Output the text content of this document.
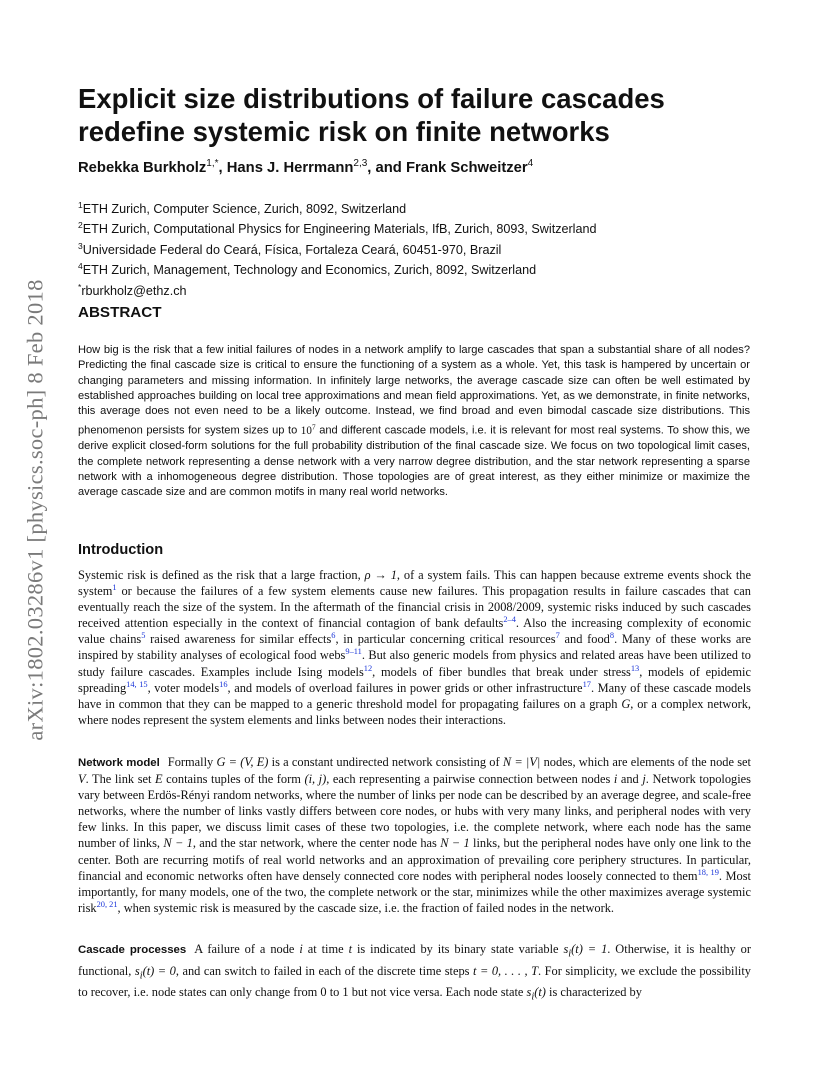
arXiv:1802.03286v1 [physics.soc-ph] 8 Feb 2018
Explicit size distributions of failure cascades redefine systemic risk on finite networks

Rebekka Burkholz$^{1,*}$, Hans J. Herrmann$^{2,3}$, and Frank Schweitzer$^4$

$^1$ETH Zurich, Computer Science, Zurich, 8092, Switzerland
$^2$ETH Zurich, Computational Physics for Engineering Materials, IfB, Zurich, 8093, Switzerland
$^3$Universidade Federal do Ceará, Física, Fortaleza Ceará, 60451-970, Brazil
$^4$ETH Zurich, Management, Technology and Economics, Zurich, 8092, Switzerland
*rburkholz@ethz.ch
ABSTRACT

How big is the risk that a few initial failures of nodes in a network amplify to large cascades that span a substantial share of all nodes? Predicting the final cascade size is critical to ensure the functioning of a system as a whole. Yet, this task is hampered by uncertain or changing parameters and missing information. In infinitely large networks, the average cascade size can often be well estimated by established approaches building on local tree approximations and mean field approximations. Yet, as we demonstrate, in finite networks, this average does not even need to be a likely outcome. Instead, we find broad and even bimodal cascade size distributions. This phenomenon persists for system sizes up to $10^7$ and different cascade models, i.e. it is relevant for most real systems. To show this, we derive explicit closed-form solutions for the full probability distribution of the final cascade size. We focus on two topological limit cases, the complete network representing a dense network with a very narrow degree distribution, and the star network representing a sparse network with a inhomogeneous degree distribution. Those topologies are of great interest, as they either minimize or maximize the average cascade size and are common motifs in many real world networks.

Introduction

Systemic risk is defined as the risk that a large fraction, ρ → 1, of a system fails. This can happen because extreme events shock the system$^1$ or because the failures of a few system elements cause new failures. This propagation results in failure cascades that can eventually reach the size of the system. In the aftermath of the financial crisis in 2008/2009, systemic risks induced by such cascades received attention especially in the context of financial contagion of bank defaults$^{2-4}$. Also the increasing complexity of economic value chains$^5$ raised awareness for similar effects$^6$, in particular concerning critical resources$^7$ and food$^8$. Many of these works are inspired by stability analyses of ecological food webs$^{9-11}$. But also generic models from physics and related areas have been utilized to study failure cascades. Examples include Ising models$^{12}$, models of fiber bundles that break under stress$^{13}$, models of epidemic spreading$^{14, 15}$, voter models$^{16}$, and models of overload failures in power grids or other infrastructure$^{17}$. Many of these cascade models have in common that they can be mapped to a generic threshold model for propagating failures on a graph G, or a complex network, where nodes represent the system elements and links between nodes their interactions.

Network model Formally G = (V, E) is a constant undirected network consisting of N = |V| nodes, which are elements of the node set V. The link set E contains tuples of the form (i, j), each representing a pairwise connection between nodes i and j. Network topologies vary between Erdös-Rényi random networks, where the number of links per node can be described by an average degree, and scale-free networks, where the number of links vastly differs between core nodes, or hubs with very many links, and peripheral nodes with very few links. In this paper, we discuss limit cases of these two topologies, i.e. the complete network, where each node has the same number of links, N − 1, and the star network, where the center node has N − 1 links, but the peripheral nodes have only one link to the center. Both are recurring motifs of real world networks and an approximation of prevailing core periphery structures. In particular, financial and economic networks often have densely connected core nodes with peripheral nodes loosely connected to them$^{18, 19}$. Most importantly, for many models, one of the two, the complete network or the star, minimizes while the other maximizes average systemic risk$^{20, 21}$, when systemic risk is measured by the cascade size, i.e. the fraction of failed nodes in the network.

Cascade processes A failure of a node i at time t is indicated by its binary state variable $s_i(t) = 1$. Otherwise, it is healthy or functional, $s_i(t) = 0$, and can switch to failed in each of the discrete time steps t = 0, . . . , T. For simplicity, we exclude the possibility to recover, i.e. node states can only change from 0 to 1 but not vice versa. Each node state $s_i(t)$ is characterized by
